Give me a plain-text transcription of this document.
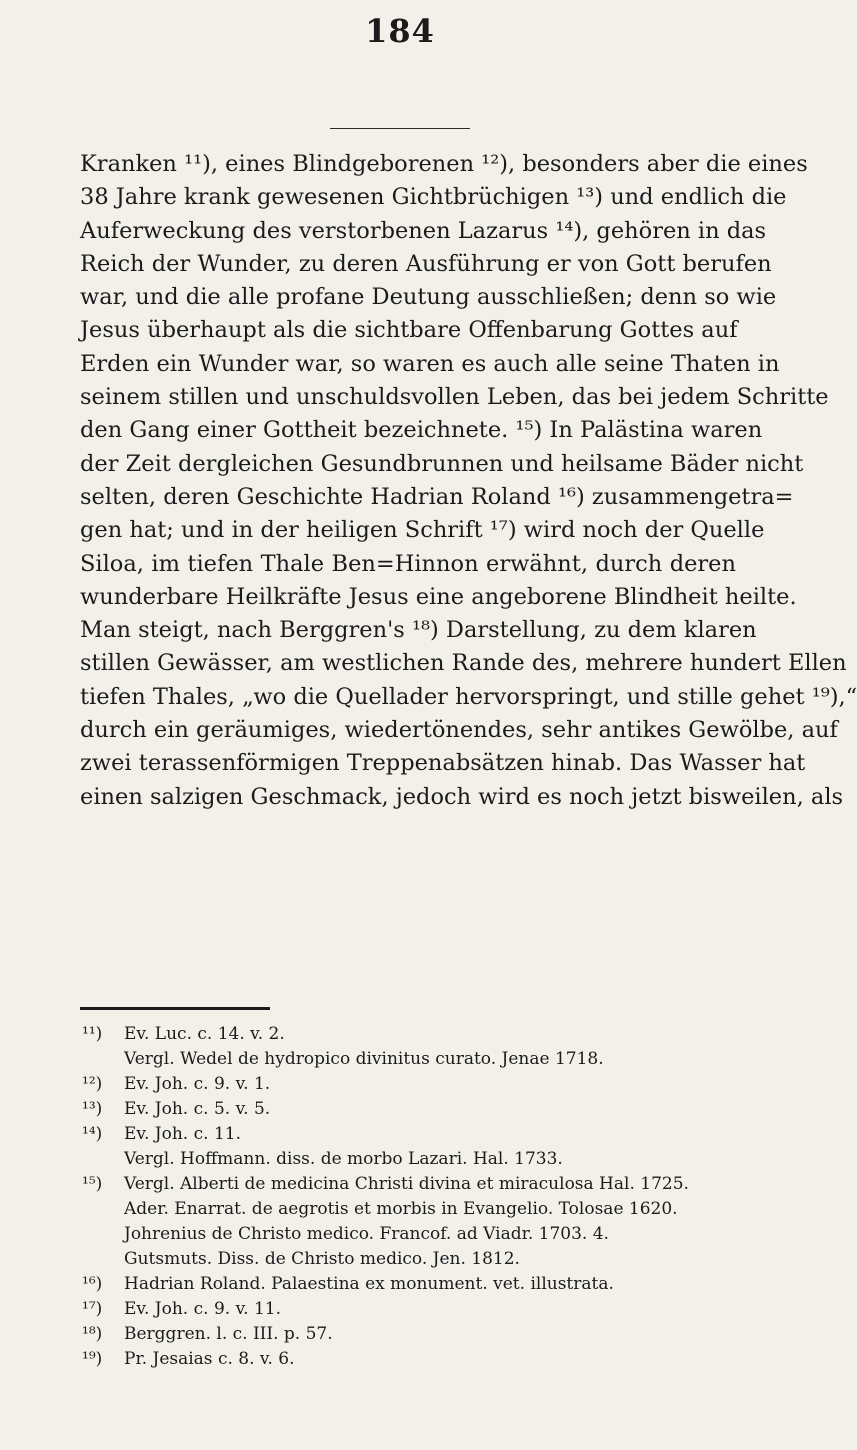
184
Kranken ¹¹), eines Blindgeborenen ¹²), besonders aber die eines
38 Jahre krank gewesenen Gichtbrüchigen ¹³) und endlich die
Auferweckung des verstorbenen Lazarus ¹⁴), gehören in das
Reich der Wunder, zu deren Ausführung er von Gott berufen
war, und die alle profane Deutung ausschließen; denn so wie
Jesus überhaupt als die sichtbare Offenbarung Gottes auf
Erden ein Wunder war, so waren es auch alle seine Thaten in
seinem stillen und unschuldsvollen Leben, das bei jedem Schritte
den Gang einer Gottheit bezeichnete. ¹⁵) In Palästina waren
der Zeit dergleichen Gesundbrunnen und heilsame Bäder nicht
selten, deren Geschichte Hadrian Roland ¹⁶) zusammengetra=
gen hat; und in der heiligen Schrift ¹⁷) wird noch der Quelle
Siloa, im tiefen Thale Ben=Hinnon erwähnt, durch deren
wunderbare Heilkräfte Jesus eine angeborene Blindheit heilte.
Man steigt, nach Berggren's ¹⁸) Darstellung, zu dem klaren
stillen Gewässer, am westlichen Rande des, mehrere hundert Ellen
tiefen Thales, „wo die Quellader hervorspringt, und stille gehet ¹⁹),“
durch ein geräumiges, wiedertönendes, sehr antikes Gewölbe, auf
zwei terassenförmigen Treppenabsätzen hinab. Das Wasser hat
einen salzigen Geschmack, jedoch wird es noch jetzt bisweilen, als
¹¹)	Ev. Luc. c. 14. v. 2.
Vergl. Wedel de hydropico divinitus curato. Jenae 1718.
¹²)	Ev. Joh. c. 9. v. 1.
¹³)	Ev. Joh. c. 5. v. 5.
¹⁴)	Ev. Joh. c. 11.
Vergl. Hoffmann. diss. de morbo Lazari. Hal. 1733.
¹⁵)	Vergl. Alberti de medicina Christi divina et miraculosa Hal. 1725.
Ader. Enarrat. de aegrotis et morbis in Evangelio. Tolosae 1620.
Johrenius de Christo medico. Francof. ad Viadr. 1703. 4.
Gutsmuts. Diss. de Christo medico. Jen. 1812.
¹⁶)	Hadrian Roland. Palaestina ex monument. vet. illustrata.
¹⁷)	Ev. Joh. c. 9. v. 11.
¹⁸)	Berggren. l. c. III. p. 57.
¹⁹)	Pr. Jesaias c. 8. v. 6.
